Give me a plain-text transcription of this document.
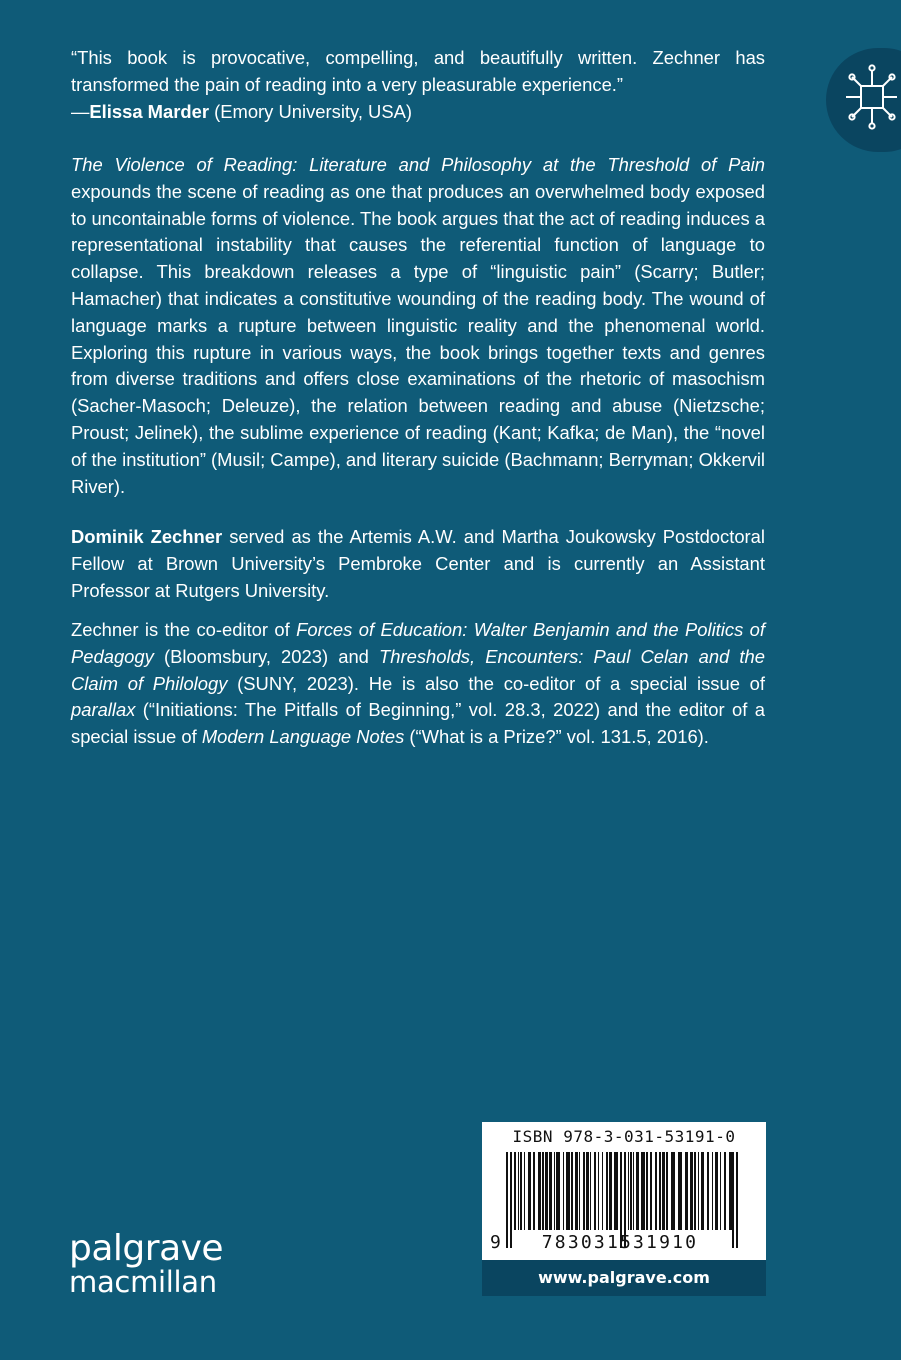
“This book is provocative, compelling, and beautifully written. Zechner has transformed the pain of reading into a very pleasurable experience.”
—Elissa Marder (Emory University, USA)
The Violence of Reading: Literature and Philosophy at the Threshold of Pain expounds the scene of reading as one that produces an overwhelmed body exposed to uncontainable forms of violence. The book argues that the act of reading induces a representational instability that causes the referential function of language to collapse. This breakdown releases a type of “linguistic pain” (Scarry; Butler; Hamacher) that indicates a constitutive wounding of the reading body. The wound of language marks a rupture between linguistic reality and the phenomenal world. Exploring this rupture in various ways, the book brings together texts and genres from diverse traditions and offers close examinations of the rhetoric of masochism (Sacher-Masoch; Deleuze), the relation between reading and abuse (Nietzsche; Proust; Jelinek), the sublime experience of reading (Kant; Kafka; de Man), the “novel of the institution” (Musil; Campe), and literary suicide (Bachmann; Berryman; Okkervil River).
Dominik Zechner served as the Artemis A.W. and Martha Joukowsky Postdoctoral Fellow at Brown University’s Pembroke Center and is currently an Assistant Professor at Rutgers University.
Zechner is the co-editor of Forces of Education: Walter Benjamin and the Politics of Pedagogy (Bloomsbury, 2023) and Thresholds, Encounters: Paul Celan and the Claim of Philology (SUNY, 2023). He is also the co-editor of a special issue of parallax (“Initiations: The Pitfalls of Beginning,” vol. 28.3, 2022) and the editor of a special issue of Modern Language Notes (“What is a Prize?” vol. 131.5, 2016).
palgrave
macmillan
ISBN 978-3-031-53191-0
9	783031531910
www.palgrave.com
